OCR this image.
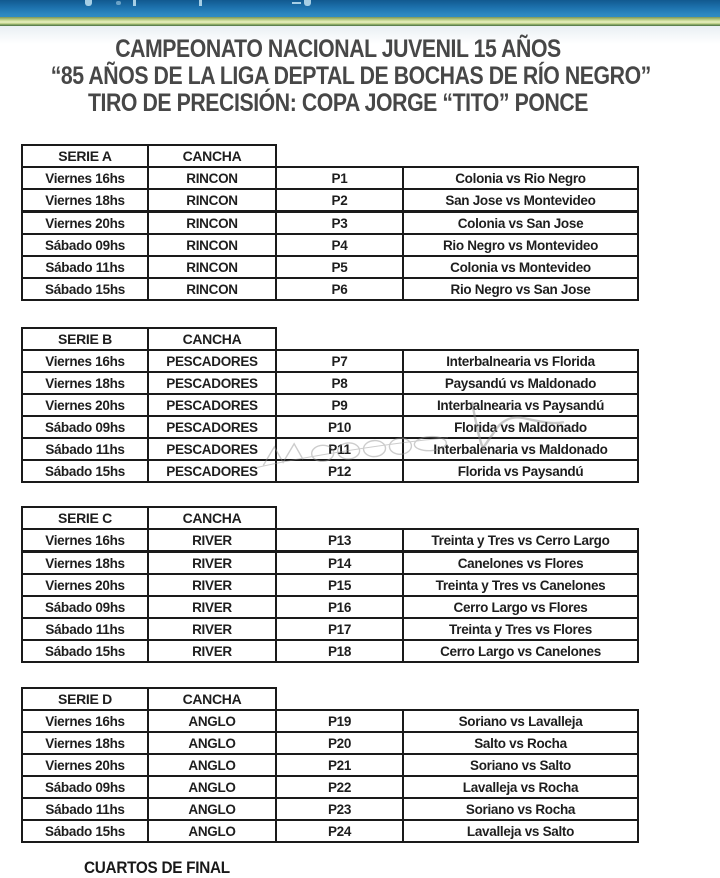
CAMPEONATO NACIONAL JUVENIL 15 AÑOS
“85 AÑOS DE LA LIGA DEPTAL DE BOCHAS DE RÍO NEGRO”
TIRO DE PRECISIÓN: COPA JORGE “TITO” PONCE
SERIE A	CANCHA		
Viernes 16hs	RINCON	P1	Colonia vs Rio Negro
Viernes 18hs	RINCON	P2	San Jose vs Montevideo
Viernes 20hs	RINCON	P3	Colonia vs San Jose
Sábado 09hs	RINCON	P4	Rio Negro vs Montevideo
Sábado 11hs	RINCON	P5	Colonia vs Montevideo
Sábado 15hs	RINCON	P6	Rio Negro vs San Jose
SERIE B	CANCHA		
Viernes 16hs	PESCADORES	P7	Interbalnearia vs Florida
Viernes 18hs	PESCADORES	P8	Paysandú vs Maldonado
Viernes 20hs	PESCADORES	P9	Interbalnearia vs Paysandú
Sábado 09hs	PESCADORES	P10	Florida vs Maldonado
Sábado 11hs	PESCADORES	P11	Interbalenaria vs Maldonado
Sábado 15hs	PESCADORES	P12	Florida vs Paysandú
SERIE C	CANCHA		
Viernes 16hs	RIVER	P13	Treinta y Tres vs Cerro Largo
Viernes 18hs	RIVER	P14	Canelones vs Flores
Viernes 20hs	RIVER	P15	Treinta y Tres vs Canelones
Sábado 09hs	RIVER	P16	Cerro Largo vs Flores
Sábado 11hs	RIVER	P17	Treinta y Tres vs Flores
Sábado 15hs	RIVER	P18	Cerro Largo vs Canelones
SERIE D	CANCHA		
Viernes 16hs	ANGLO	P19	Soriano vs Lavalleja
Viernes 18hs	ANGLO	P20	Salto vs Rocha
Viernes 20hs	ANGLO	P21	Soriano vs Salto
Sábado 09hs	ANGLO	P22	Lavalleja vs Rocha
Sábado 11hs	ANGLO	P23	Soriano vs Rocha
Sábado 15hs	ANGLO	P24	Lavalleja vs Salto
CUARTOS DE FINAL
